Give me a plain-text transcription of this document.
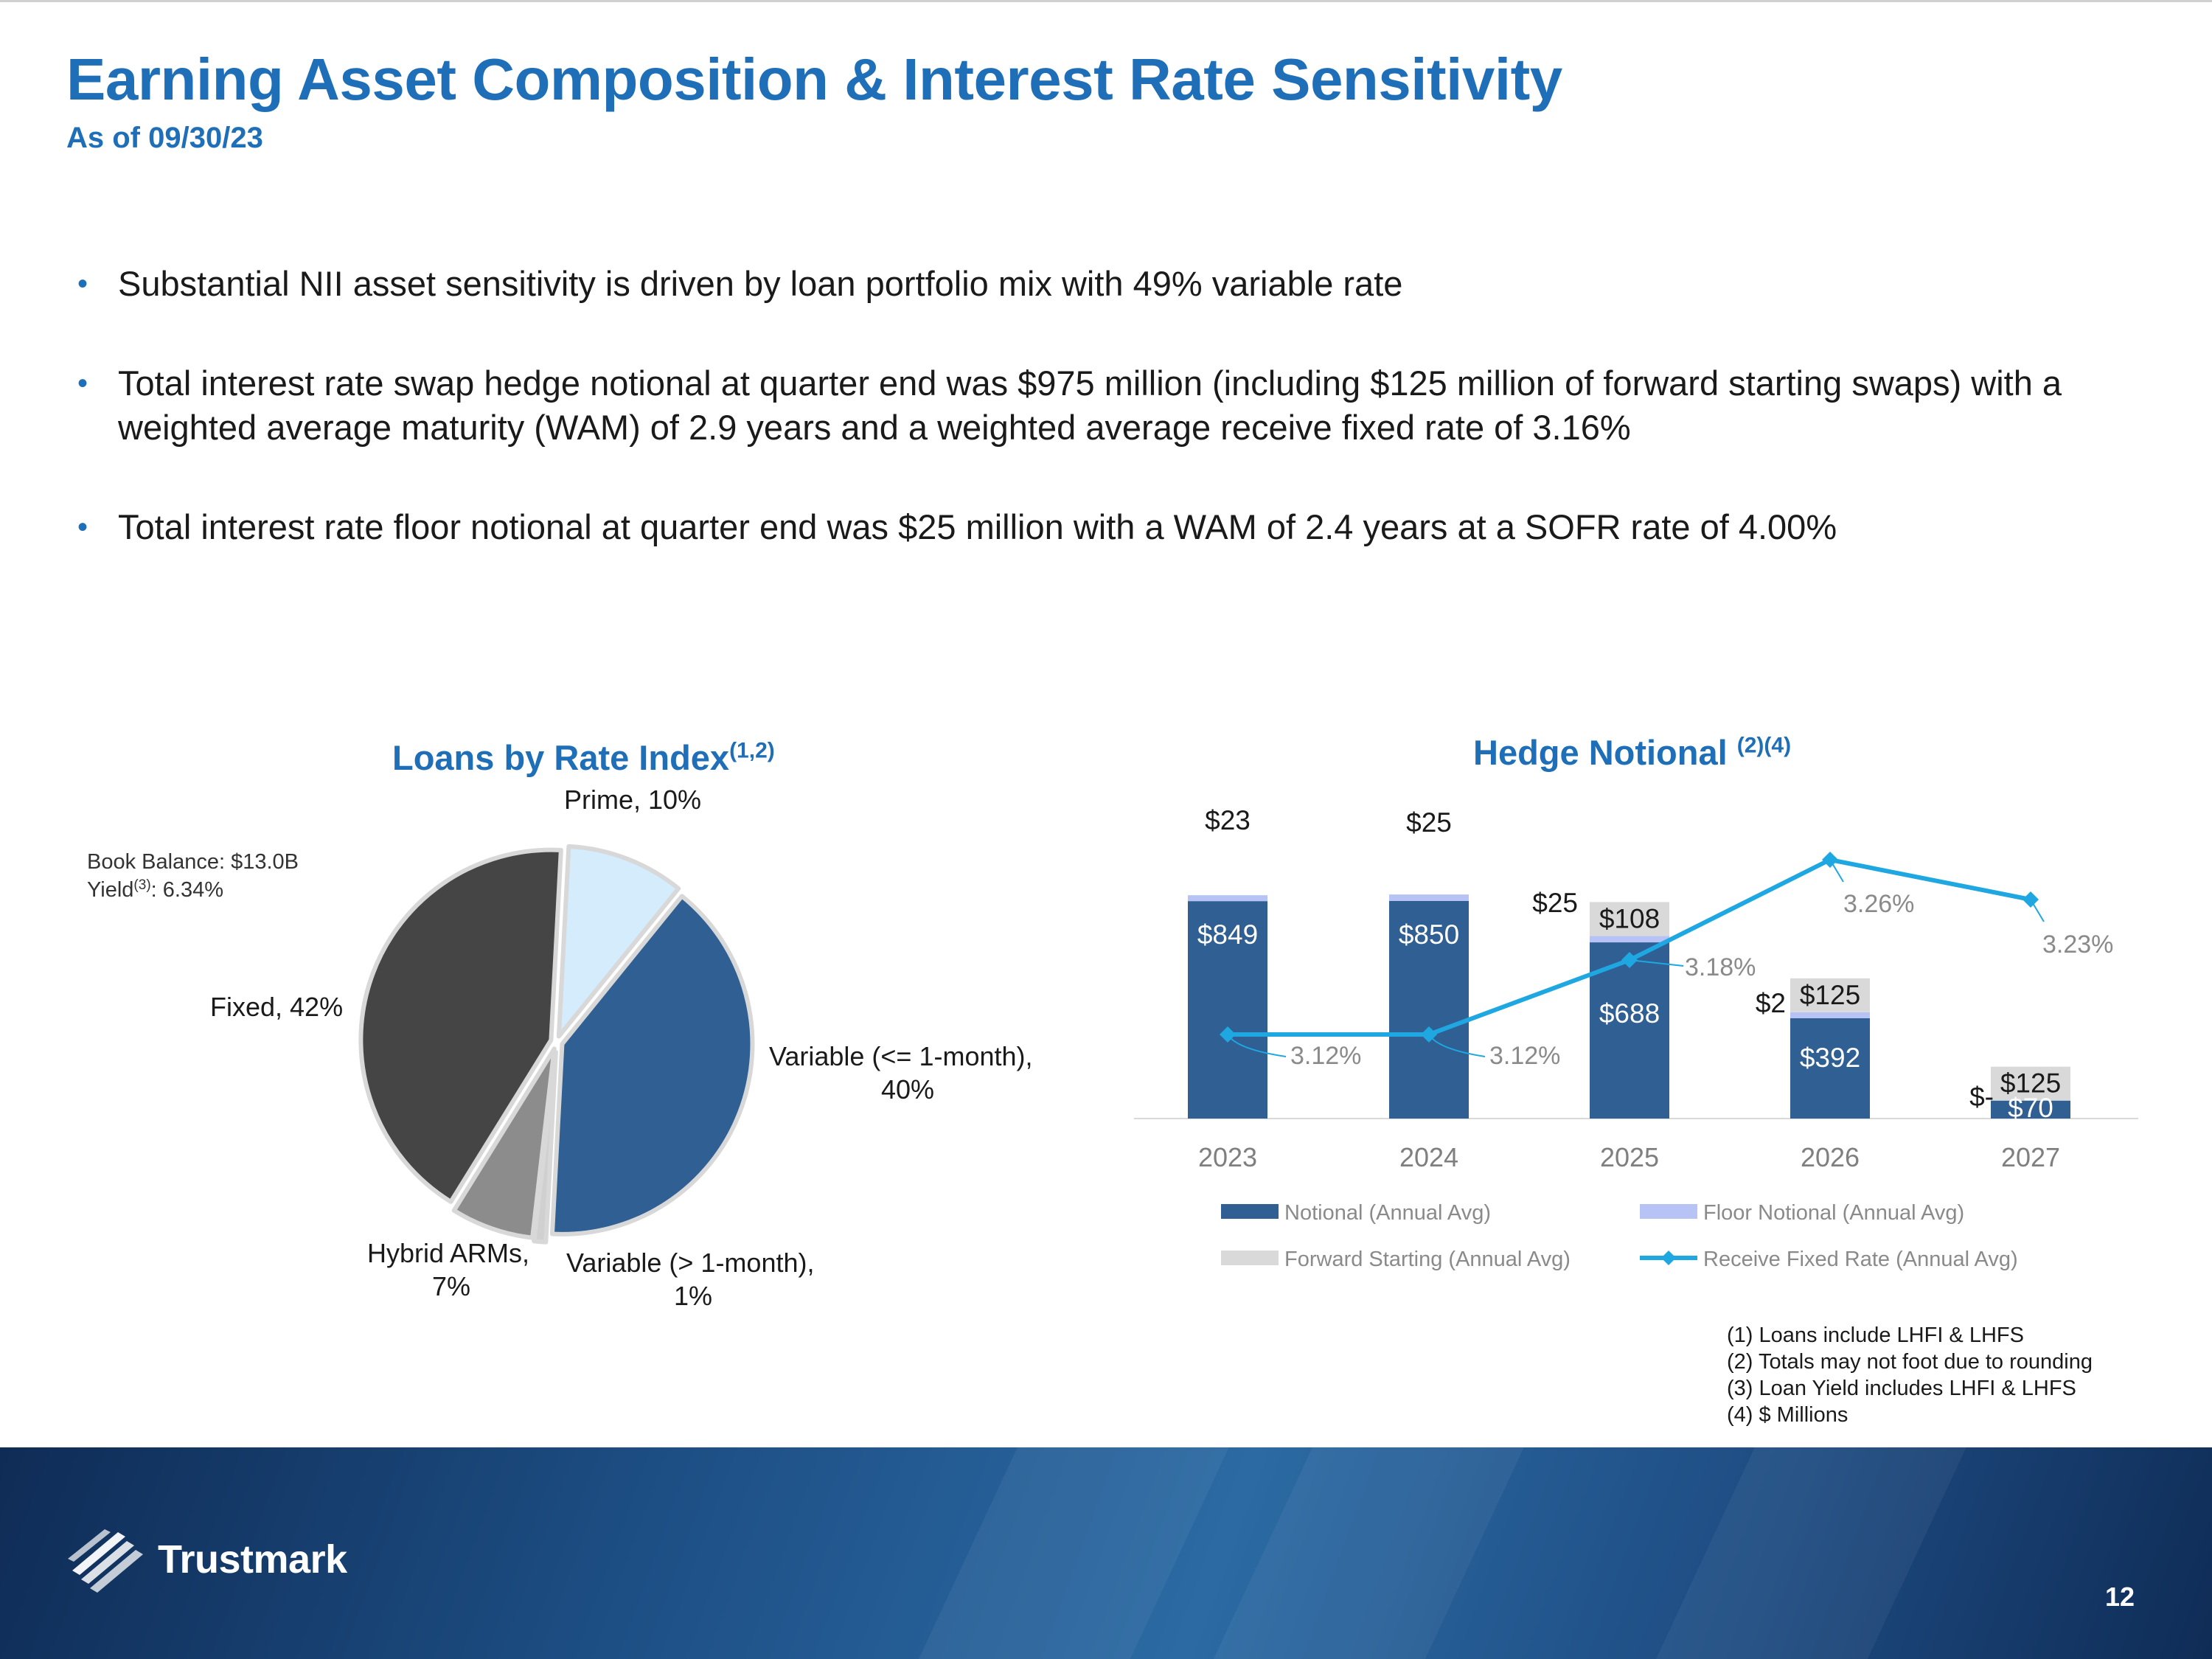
Earning Asset Composition & Interest Rate Sensitivity
As of 09/30/23
• Substantial NII asset sensitivity is driven by loan portfolio mix with 49% variable rate
• Total interest rate swap hedge notional at quarter end was $975 million (including $125 million of forward starting swaps) with a weighted average maturity (WAM) of 2.9 years and a weighted average receive fixed rate of 3.16%
• Total interest rate floor notional at quarter end was $25 million with a WAM of 2.4 years at a SOFR rate of 4.00%
Loans by Rate Index$^{(1,2)}$
Book Balance: $13.0B
Yield$^{(3)}$: 6.34%
Prime, 10%
Fixed, 42%
Variable (<= 1-month),
40%
Hybrid ARMs,
7%
Variable (> 1-month),
1%
Hedge Notional $^{(2)(4)}$
$849
$23
2023
$850
$25
2024
$108
$688
$25
2025
$125
$392
$2
2026
$125
$70
$-
2027
3.12%	3.12%
3.18%
3.26%
3.23%
Notional (Annual Avg)	Floor Notional (Annual Avg)
Forward Starting (Annual Avg)	Receive Fixed Rate (Annual Avg)
(1) Loans include LHFI & LHFS
(2) Totals may not foot due to rounding
(3) Loan Yield includes LHFI & LHFS
(4) $ Millions
Trustmark
12
